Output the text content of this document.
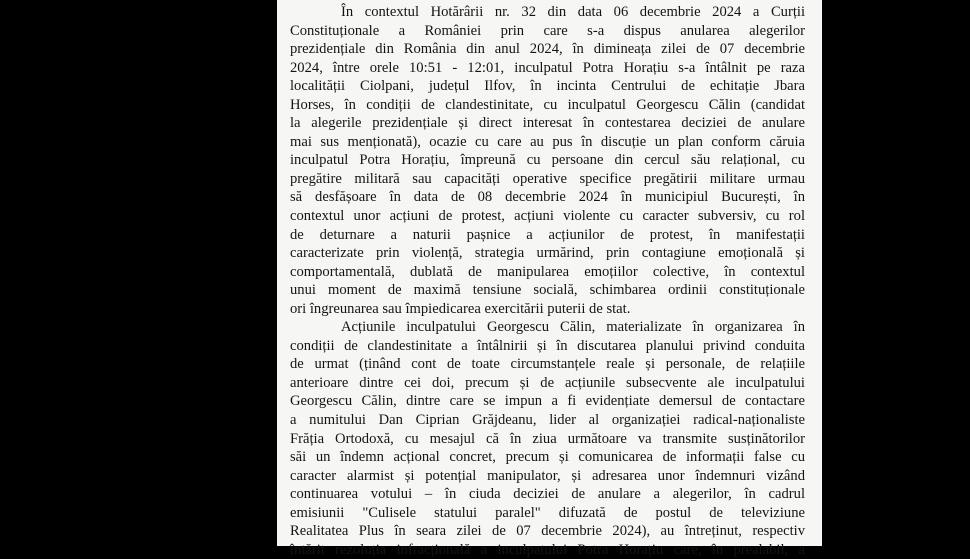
În contextul Hotărârii nr. 32 din data 06 decembrie 2024 a Curții
Constituționale a României prin care s-a dispus anularea alegerilor
prezidențiale din România din anul 2024, în dimineața zilei de 07 decembrie
2024, între orele 10:51 - 12:01, inculpatul Potra Horațiu s-a întâlnit pe raza
localității Ciolpani, județul Ilfov, în incinta Centrului de echitație Jbara
Horses, în condiții de clandestinitate, cu inculpatul Georgescu Călin (candidat
la alegerile prezidențiale și direct interesat în contestarea deciziei de anulare
mai sus menționată), ocazie cu care au pus în discuție un plan conform căruia
inculpatul Potra Horațiu, împreună cu persoane din cercul său relațional, cu
pregătire militară sau capacități operative specifice pregătirii militare urmau
să desfășoare în data de 08 decembrie 2024 în municipiul București, în
contextul unor acțiuni de protest, acțiuni violente cu caracter subversiv, cu rol
de deturnare a naturii pașnice a acțiunilor de protest, în manifestații
caracterizate prin violență, strategia urmărind, prin contagiune emoțională și
comportamentală, dublată de manipularea emoțiilor colective, în contextul
unui moment de maximă tensiune socială, schimbarea ordinii constituționale
ori îngreunarea sau împiedicarea exercitării puterii de stat.
Acțiunile inculpatului Georgescu Călin, materializate în organizarea în
condiții de clandestinitate a întâlnirii și în discutarea planului privind conduita
de urmat (ținând cont de toate circumstanțele reale și personale, de relațiile
anterioare dintre cei doi, precum și de acțiunile subsecvente ale inculpatului
Georgescu Călin, dintre care se impun a fi evidențiate demersul de contactare
a numitului Dan Ciprian Grăjdeanu, lider al organizației radical-naționaliste
Frăția Ortodoxă, cu mesajul că în ziua următoare va transmite susținătorilor
săi un îndemn acțional concret, precum și comunicarea de informații false cu
caracter alarmist și potențial manipulator, și adresarea unor îndemnuri vizând
continuarea votului – în ciuda deciziei de anulare a alegerilor, în cadrul
emisiunii "Culisele statului paralel" difuzată de postul de televiziune
Realitatea Plus în seara zilei de 07 decembrie 2024), au întreținut, respectiv
întărit rezoluția infracțională a inculpatului Potra Horațiu care, în prealabil, a
